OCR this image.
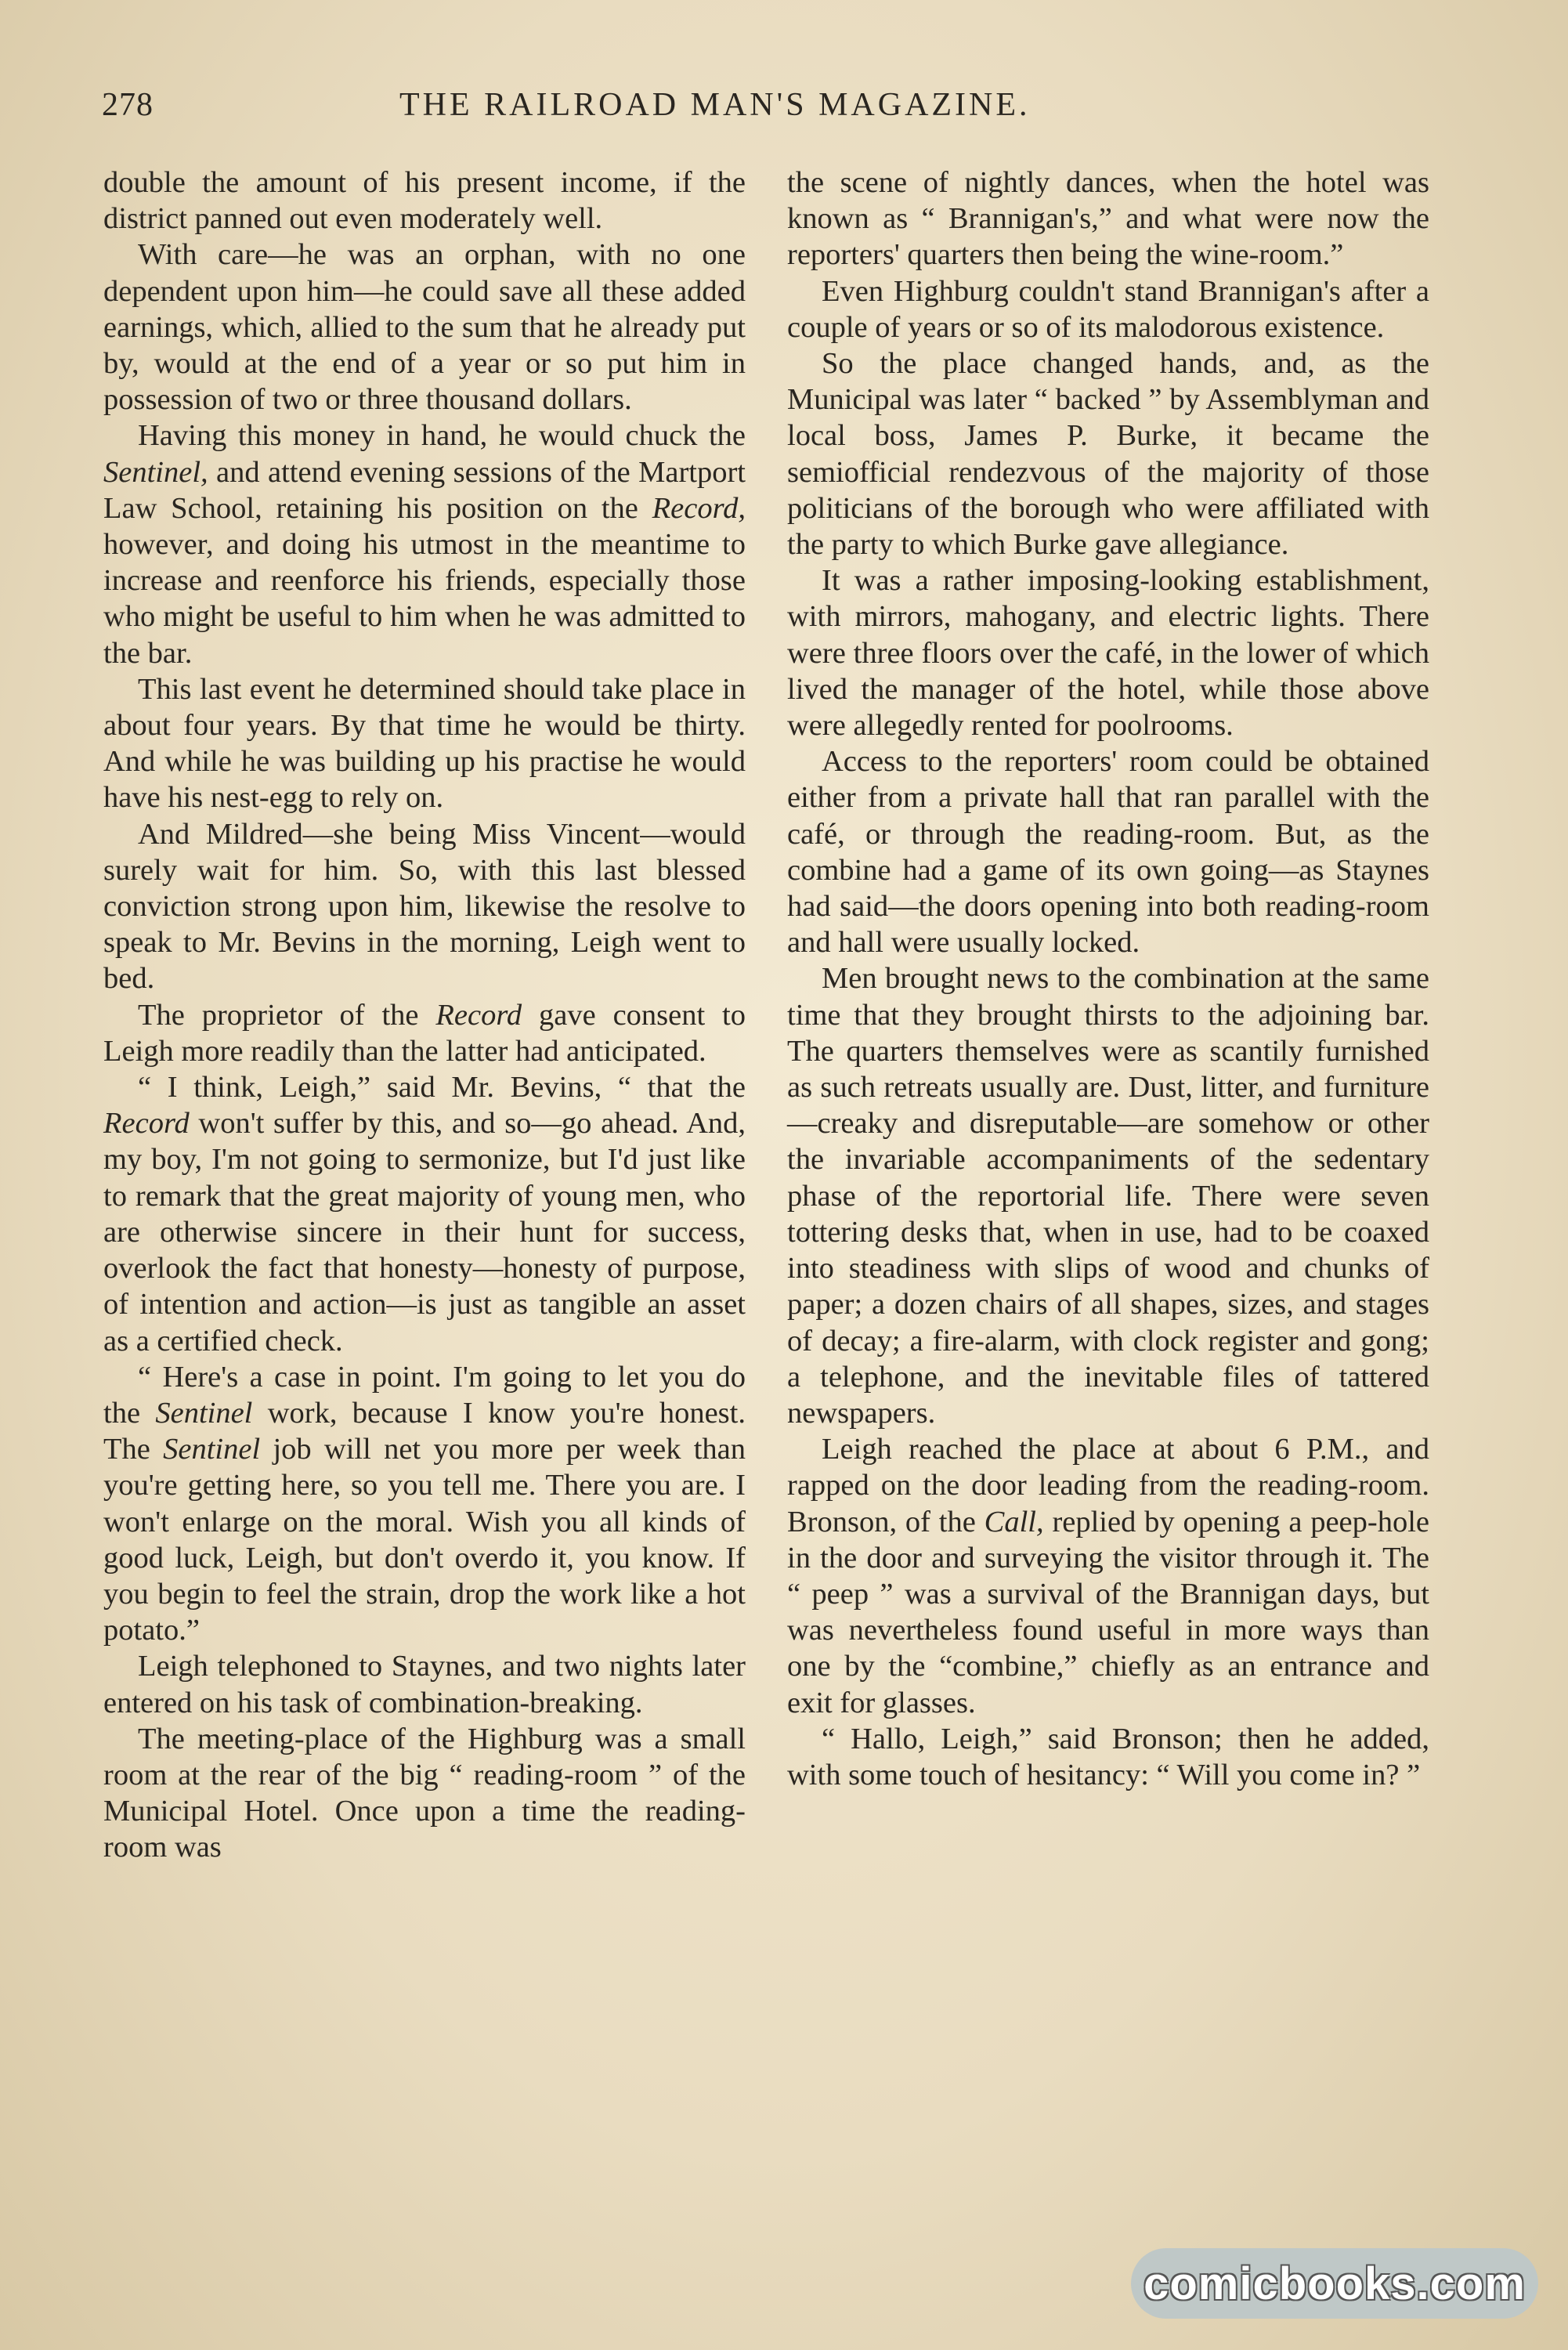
278	THE RAILROAD MAN'S MAGAZINE.

double the amount of his present income, if the district panned out even moderately well.

With care—he was an orphan, with no one dependent upon him—he could save all these added earnings, which, allied to the sum that he already put by, would at the end of a year or so put him in possession of two or three thousand dollars.

Having this money in hand, he would chuck the Sentinel, and attend evening sessions of the Martport Law School, retaining his position on the Record, however, and doing his utmost in the meantime to increase and reenforce his friends, especially those who might be useful to him when he was admitted to the bar.

This last event he determined should take place in about four years. By that time he would be thirty. And while he was building up his practise he would have his nest-egg to rely on.

And Mildred—she being Miss Vincent—would surely wait for him. So, with this last blessed conviction strong upon him, likewise the resolve to speak to Mr. Bevins in the morning, Leigh went to bed.

The proprietor of the Record gave consent to Leigh more readily than the latter had anticipated.

“ I think, Leigh,” said Mr. Bevins, “ that the Record won't suffer by this, and so—go ahead. And, my boy, I'm not going to sermonize, but I'd just like to remark that the great majority of young men, who are otherwise sincere in their hunt for success, overlook the fact that honesty—honesty of purpose, of intention and action—is just as tangible an asset as a certified check.

“ Here's a case in point. I'm going to let you do the Sentinel work, because I know you're honest. The Sentinel job will net you more per week than you're getting here, so you tell me. There you are. I won't enlarge on the moral. Wish you all kinds of good luck, Leigh, but don't overdo it, you know. If you begin to feel the strain, drop the work like a hot potato.”

Leigh telephoned to Staynes, and two nights later entered on his task of combination-breaking.

The meeting-place of the Highburg was a small room at the rear of the big “ reading-room ” of the Municipal Hotel. Once upon a time the reading-room was

the scene of nightly dances, when the hotel was known as “ Brannigan's,” and what were now the reporters' quarters then being the wine-room.”

Even Highburg couldn't stand Brannigan's after a couple of years or so of its malodorous existence.

So the place changed hands, and, as the Municipal was later “ backed ” by Assemblyman and local boss, James P. Burke, it became the semiofficial rendezvous of the majority of those politicians of the borough who were affiliated with the party to which Burke gave allegiance.

It was a rather imposing-looking establishment, with mirrors, mahogany, and electric lights. There were three floors over the café, in the lower of which lived the manager of the hotel, while those above were allegedly rented for poolrooms.

Access to the reporters' room could be obtained either from a private hall that ran parallel with the café, or through the reading-room. But, as the combine had a game of its own going—as Staynes had said—the doors opening into both reading-room and hall were usually locked.

Men brought news to the combination at the same time that they brought thirsts to the adjoining bar. The quarters themselves were as scantily furnished as such retreats usually are. Dust, litter, and furniture—creaky and disreputable—are somehow or other the invariable accompaniments of the sedentary phase of the reportorial life. There were seven tottering desks that, when in use, had to be coaxed into steadiness with slips of wood and chunks of paper; a dozen chairs of all shapes, sizes, and stages of decay; a fire-alarm, with clock register and gong; a telephone, and the inevitable files of tattered newspapers.

Leigh reached the place at about 6 P.M., and rapped on the door leading from the reading-room. Bronson, of the Call, replied by opening a peep-hole in the door and surveying the visitor through it. The “ peep ” was a survival of the Brannigan days, but was nevertheless found useful in more ways than one by the “combine,” chiefly as an entrance and exit for glasses.

“ Hallo, Leigh,” said Bronson; then he added, with some touch of hesitancy: “ Will you come in? ”

comicbooks.com
